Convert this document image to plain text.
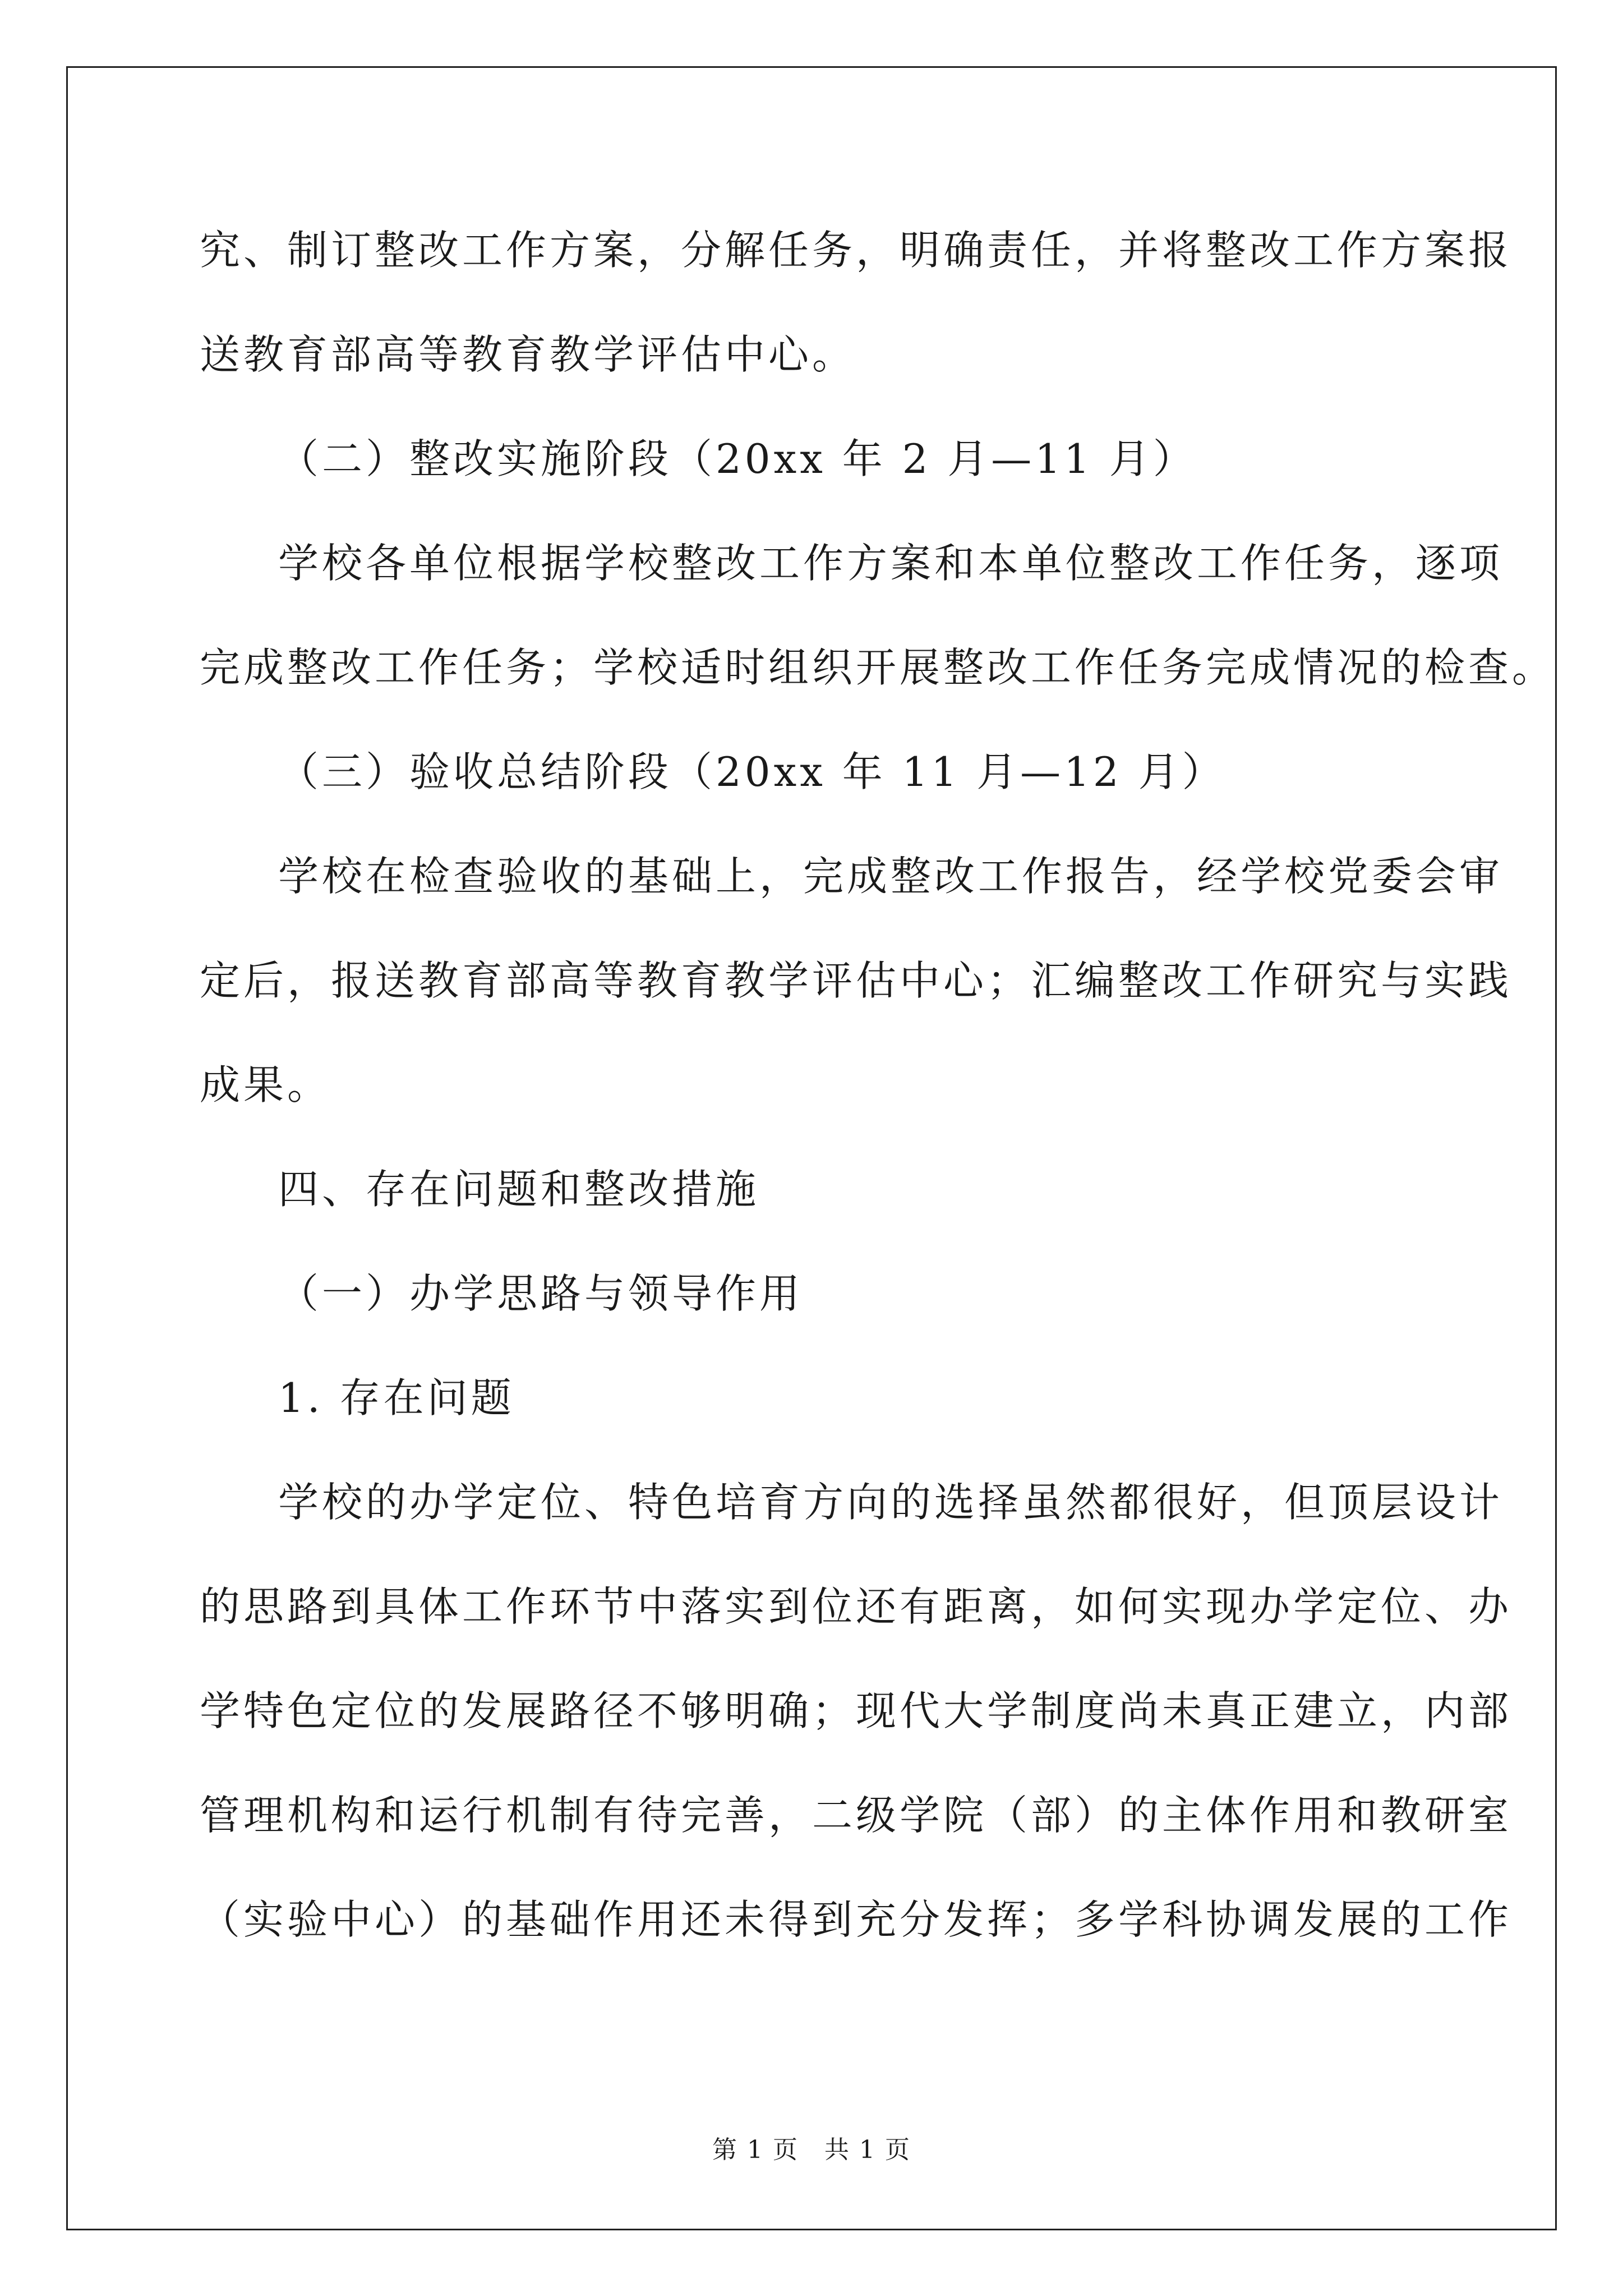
究、制订整改工作方案，分解任务，明确责任，并将整改工作方案报
送教育部高等教育教学评估中心。
（二）整改实施阶段（20xx 年 2 月—11 月）
学校各单位根据学校整改工作方案和本单位整改工作任务，逐项
完成整改工作任务；学校适时组织开展整改工作任务完成情况的检查。
（三）验收总结阶段（20xx 年 11 月—12 月）
学校在检查验收的基础上，完成整改工作报告，经学校党委会审
定后，报送教育部高等教育教学评估中心；汇编整改工作研究与实践
成果。
四、存在问题和整改措施
（一）办学思路与领导作用
1. 存在问题
学校的办学定位、特色培育方向的选择虽然都很好，但顶层设计
的思路到具体工作环节中落实到位还有距离，如何实现办学定位、办
学特色定位的发展路径不够明确；现代大学制度尚未真正建立，内部
管理机构和运行机制有待完善，二级学院（部）的主体作用和教研室
（实验中心）的基础作用还未得到充分发挥；多学科协调发展的工作
第 1 页　共 1 页
